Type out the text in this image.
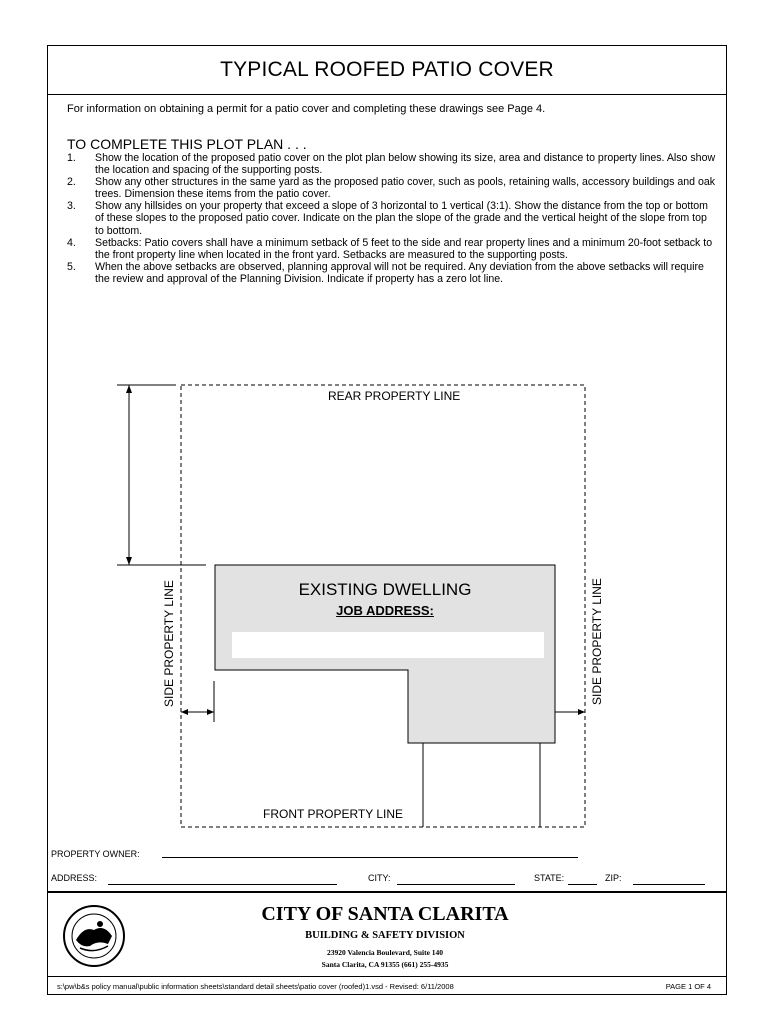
TYPICAL ROOFED PATIO COVER
For information on obtaining a permit for a patio cover and completing these drawings see Page 4.
TO COMPLETE THIS PLOT PLAN . . .
1.	Show the location of the proposed patio cover on the plot plan below showing its size, area and distance to property lines. Also show the location and spacing of the supporting posts.
2.	Show any other structures in the same yard as the proposed patio cover, such as pools, retaining walls, accessory buildings and oak trees. Dimension these items from the patio cover.
3.	Show any hillsides on your property that exceed a slope of 3 horizontal to 1 vertical (3:1). Show the distance from the top or bottom of these slopes to the proposed patio cover. Indicate on the plan the slope of the grade and the vertical height of the slope from top to bottom.
4.	Setbacks: Patio covers shall have a minimum setback of 5 feet to the side and rear property lines and a minimum 20-foot setback to the front property line when located in the front yard. Setbacks are measured to the supporting posts.
5.	When the above setbacks are observed, planning approval will not be required. Any deviation from the above setbacks will require the review and approval of the Planning Division. Indicate if property has a zero lot line.
REAR PROPERTY LINE
FRONT PROPERTY LINE
SIDE PROPERTY LINE	SIDE PROPERTY LINE
EXISTING DWELLING
JOB ADDRESS:
PROPERTY OWNER:
ADDRESS:	CITY:	STATE:	ZIP:
CITY OF SANTA CLARITA
BUILDING & SAFETY DIVISION
23920 Valencia Boulevard, Suite 140
Santa Clarita, CA 91355 (661) 255-4935
s:\pw\b&s policy manual\public information sheets\standard detail sheets\patio cover (roofed)1.vsd - Revised: 6/11/2008	PAGE 1 OF 4
